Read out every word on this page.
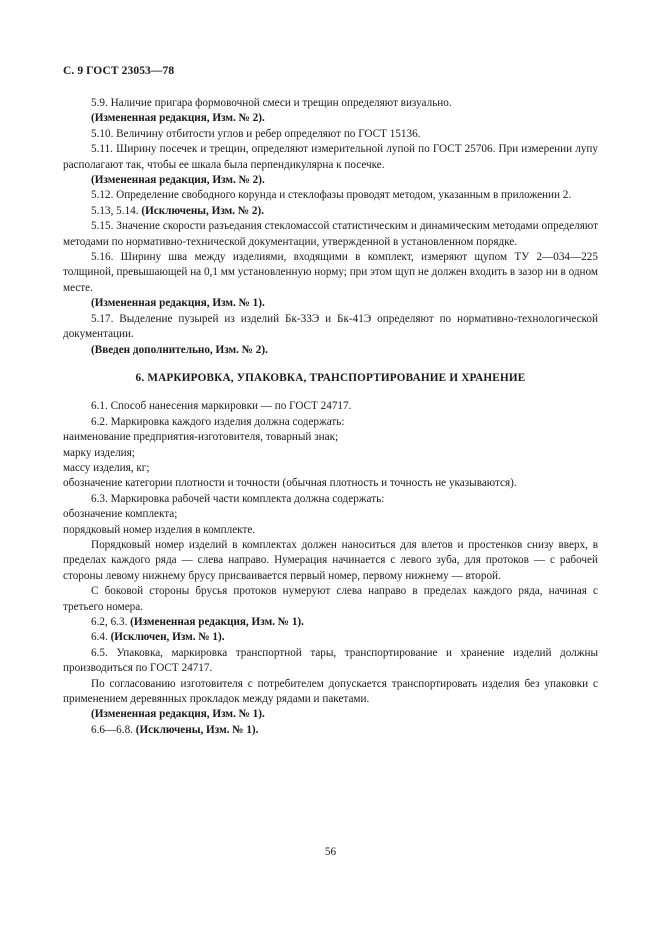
С. 9 ГОСТ 23053—78

5.9. Наличие пригара формовочной смеси и трещин определяют визуально.

(Измененная редакция, Изм. № 2).

5.10. Величину отбитости углов и ребер определяют по ГОСТ 15136.

5.11. Ширину посечек и трещин, определяют измерительной лупой по ГОСТ 25706. При измерении лупу располагают так, чтобы ее шкала была перпендикулярна к посечке.

(Измененная редакция, Изм. № 2).

5.12. Определение свободного корунда и стеклофазы проводят методом, указанным в приложении 2.

5.13, 5.14. (Исключены, Изм. № 2).

5.15. Значение скорости разъедания стекломассой статистическим и динамическим методами определяют методами по нормативно-технической документации, утвержденной в установленном порядке.

5.16. Ширину шва между изделиями, входящими в комплект, измеряют щупом ТУ 2—034—225 толщиной, превышающей на 0,1 мм установленную норму; при этом щуп не должен входить в зазор ни в одном месте.

(Измененная редакция, Изм. № 1).

5.17. Выделение пузырей из изделий Бк-33Э и Бк-41Э определяют по нормативно-технологической документации.

(Введен дополнительно, Изм. № 2).

6. МАРКИРОВКА, УПАКОВКА, ТРАНСПОРТИРОВАНИЕ И ХРАНЕНИЕ

6.1. Способ нанесения маркировки — по ГОСТ 24717.

6.2. Маркировка каждого изделия должна содержать:

наименование предприятия-изготовителя, товарный знак;

марку изделия;

массу изделия, кг;

обозначение категории плотности и точности (обычная плотность и точность не указываются).

6.3. Маркировка рабочей части комплекта должна содержать:

обозначение комплекта;

порядковый номер изделия в комплекте.

Порядковый номер изделий в комплектах должен наноситься для влетов и простенков снизу вверх, в пределах каждого ряда — слева направо. Нумерация начинается с левого зуба, для протоков — с рабочей стороны левому нижнему брусу присваивается первый номер, первому нижнему — второй.

С боковой стороны брусья протоков нумеруют слева направо в пределах каждого ряда, начиная с третьего номера.

6.2, 6.3. (Измененная редакция, Изм. № 1).

6.4. (Исключен, Изм. № 1).

6.5. Упаковка, маркировка транспортной тары, транспортирование и хранение изделий должны производиться по ГОСТ 24717.

По согласованию изготовителя с потребителем допускается транспортировать изделия без упаковки с применением деревянных прокладок между рядами и пакетами.

(Измененная редакция, Изм. № 1).

6.6—6.8. (Исключены, Изм. № 1).

56
